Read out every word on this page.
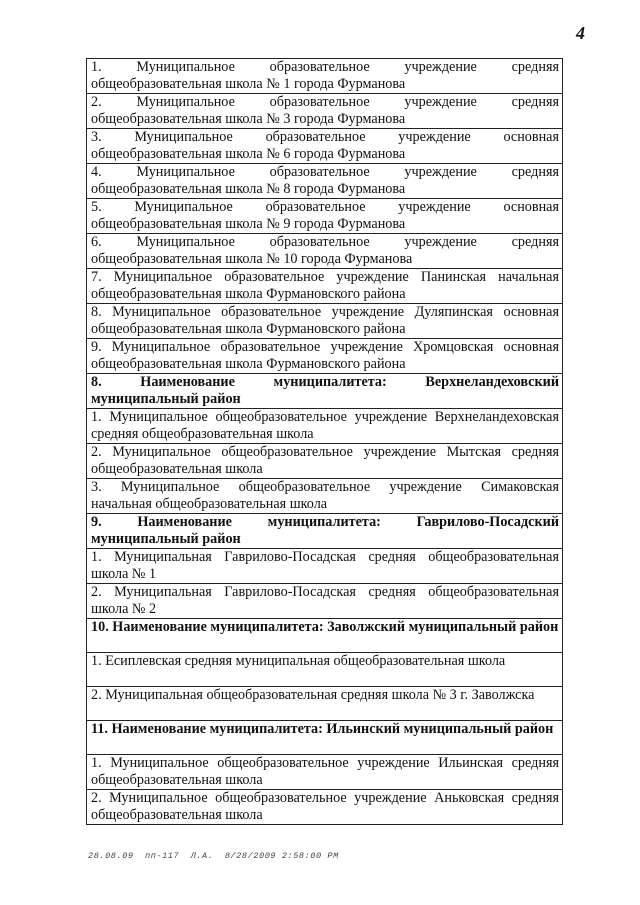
4
1. Муниципальное образовательное учреждение средняя общеобразовательная школа № 1 города Фурманова
2. Муниципальное образовательное учреждение средняя общеобразовательная школа № 3 города Фурманова
3. Муниципальное образовательное учреждение основная общеобразовательная школа № 6 города Фурманова
4. Муниципальное образовательное учреждение средняя общеобразовательная школа № 8 города Фурманова
5. Муниципальное образовательное учреждение основная общеобразовательная школа № 9 города Фурманова
6. Муниципальное образовательное учреждение средняя общеобразовательная школа № 10 города Фурманова
7. Муниципальное образовательное учреждение Панинская начальная общеобразовательная школа Фурмановского района
8. Муниципальное образовательное учреждение Дуляпинская основная общеобразовательная школа Фурмановского района
9. Муниципальное образовательное учреждение Хромцовская основная общеобразовательная школа Фурмановского района
8. Наименование муниципалитета: Верхнеландеховский муниципальный район
1. Муниципальное общеобразовательное учреждение Верхнеландеховская средняя общеобразовательная школа
2. Муниципальное общеобразовательное учреждение Мытская средняя общеобразовательная школа
3. Муниципальное общеобразовательное учреждение Симаковская начальная общеобразовательная школа
9. Наименование муниципалитета: Гаврилово-Посадский муниципальный район
1. Муниципальная Гаврилово-Посадская средняя общеобразовательная школа № 1
2. Муниципальная Гаврилово-Посадская средняя общеобразовательная школа № 2
10. Наименование муниципалитета: Заволжский муниципальный район
1. Есиплевская средняя муниципальная общеобразовательная школа
2. Муниципальная общеобразовательная средняя школа № 3 г. Заволжска
11. Наименование муниципалитета: Ильинский муниципальный район
1. Муниципальное общеобразовательное учреждение Ильинская средняя общеобразовательная школа
2. Муниципальное общеобразовательное учреждение Аньковская средняя общеобразовательная школа
28.08.09  пп-117  Л.А.  8/28/2009 2:58:00 PM
